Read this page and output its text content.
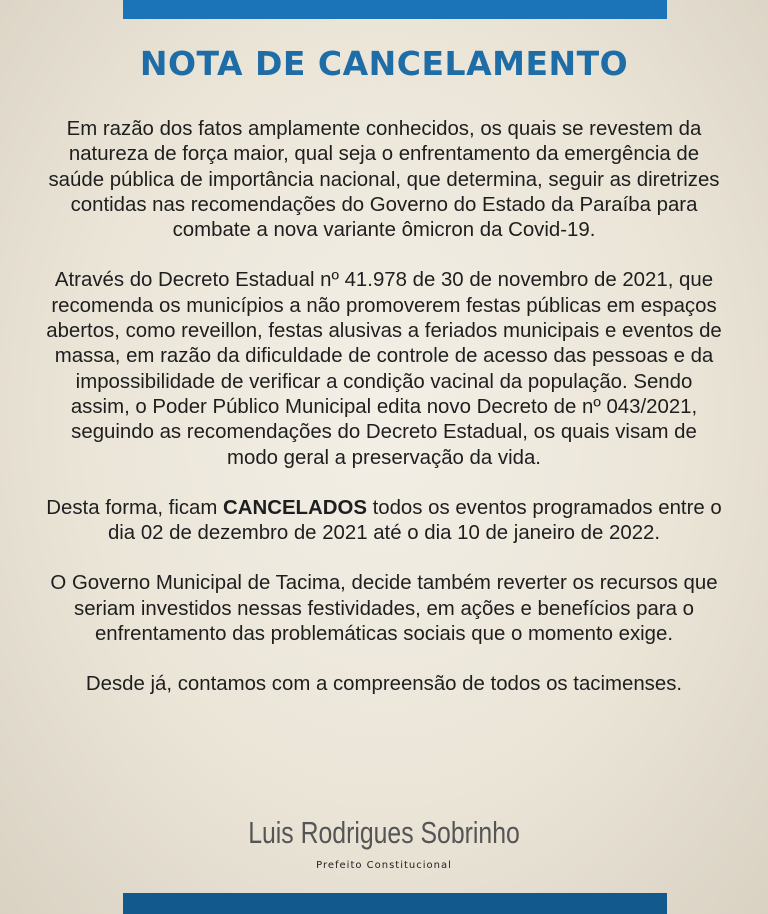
NOTA DE CANCELAMENTO

Em razão dos fatos amplamente conhecidos, os quais se revestem da natureza de força maior, qual seja o enfrentamento da emergência de saúde pública de importância nacional, que determina, seguir as diretrizes contidas nas recomendações do Governo do Estado da Paraíba para combate a nova variante ômicron da Covid-19.

Através do Decreto Estadual nº 41.978 de 30 de novembro de 2021, que recomenda os municípios a não promoverem festas públicas em espaços abertos, como reveillon, festas alusivas a feriados municipais e eventos de massa, em razão da dificuldade de controle de acesso das pessoas e da impossibilidade de verificar a condição vacinal da população. Sendo assim, o Poder Público Municipal edita novo Decreto de nº 043/2021, seguindo as recomendações do Decreto Estadual, os quais visam de modo geral a preservação da vida.

Desta forma, ficam CANCELADOS todos os eventos programados entre o dia 02 de dezembro de 2021 até o dia 10 de janeiro de 2022.

O Governo Municipal de Tacima, decide também reverter os recursos que seriam investidos nessas festividades, em ações e benefícios para o enfrentamento das problemáticas sociais que o momento exige.

Desde já, contamos com a compreensão de todos os tacimenses.

Luis Rodrigues Sobrinho
Prefeito Constitucional
